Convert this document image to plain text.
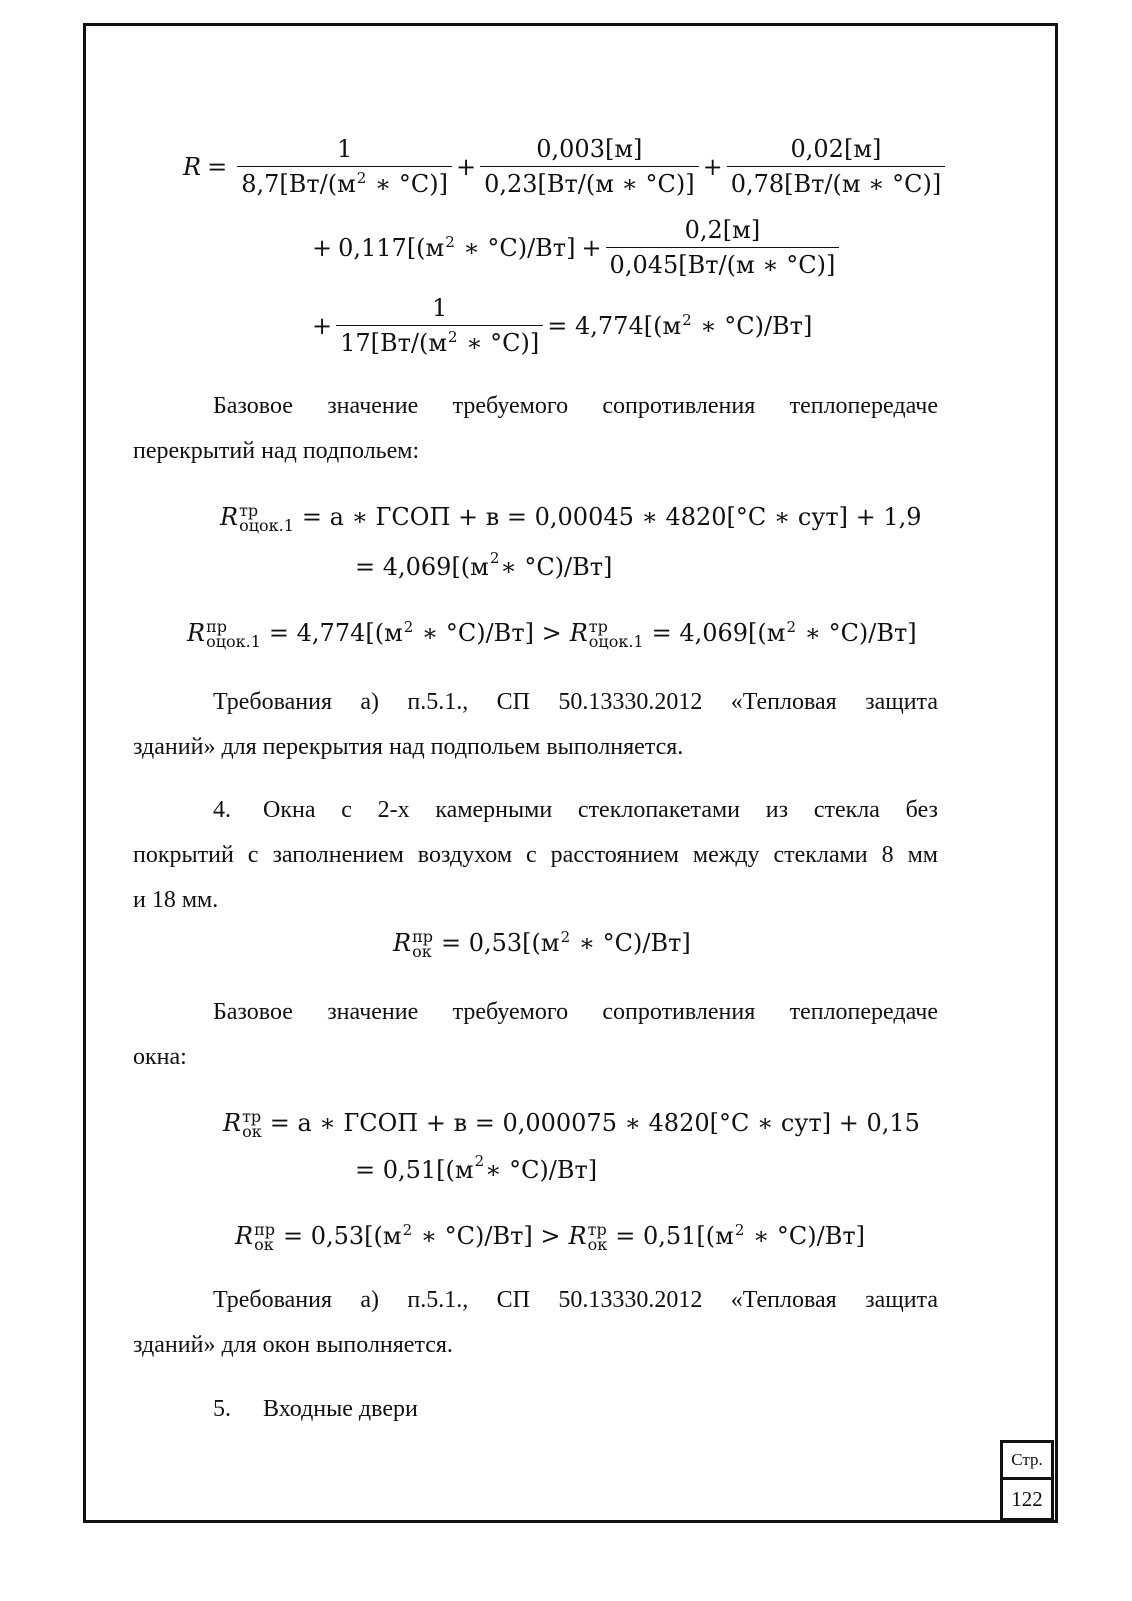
$R = \frac{1}{8,7[Вт/(м^2 ∗ ^\circ C)]} + \frac{0,003[м]}{0,23[Вт/(м ∗ ^\circ C)]} + \frac{0,02[м]}{0,78[Вт/(м ∗ ^\circ C)]}$
+ $0,117[(м^2$ ∗ $^\circ C)/Вт] + \frac{0,2[м]}{0,045[Вт/(м ∗ ^\circ C)]}$
+ $\frac{1}{17[Вт/(м^2 ∗ ^\circ C)]} = 4,774[(м^2$ ∗ °C)/Вт]
Базовое значение требуемого сопротивления теплопередаче
перекрытий над подпольем:
R тр
оцок.1 = а ∗ ГСОП + в = 0,00045 ∗ 4820[°C ∗ сут] + 1,9
= $4,069[(м^2$ ∗ °C)/Вт]
R пр
оцок.1 = $4,774[(м^2$ ∗ °C)/Вт] > R тр
оцок.1 = $4,069[(м^2$ ∗ °C)/Вт]
Требования а) п.5.1., СП 50.13330.2012 «Тепловая защита
зданий» для перекрытия над подпольем выполняется.
4. Окна с 2-х камерными стеклопакетами из стекла без
покрытий с заполнением воздухом с расстоянием между стеклами 8 мм
и 18 мм.
R пр
ок = $0,53[(м^2$ ∗ °C)/Вт]
Базовое значение требуемого сопротивления теплопередаче
окна:
R тр
ок = а ∗ ГСОП + в = 0,000075 ∗ 4820[°C ∗ сут] + 0,15
= $0,51[(м^2$ ∗ °C)/Вт]
R пр
ок = $0,53[(м^2$ ∗ °C)/Вт] > R тр
ок = $0,51[(м^2$ ∗ °C)/Вт]
Требования а) п.5.1., СП 50.13330.2012 «Тепловая защита
зданий» для окон выполняется.
5. Входные двери
Стр.
122
